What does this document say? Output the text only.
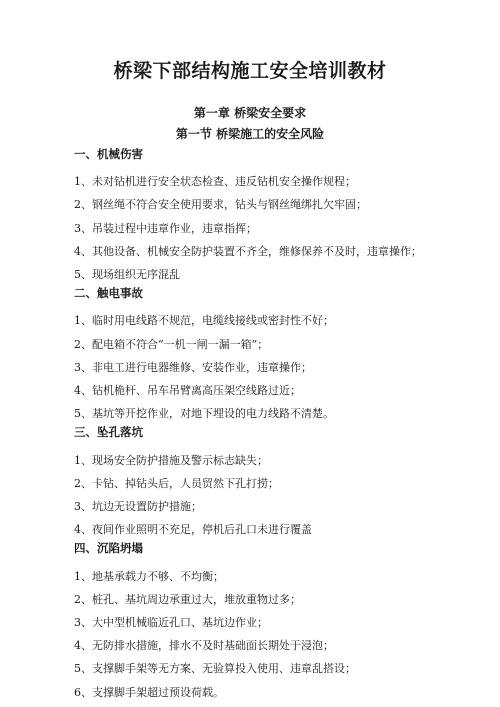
桥梁下部结构施工安全培训教材
第一章 桥梁安全要求
第一节 桥梁施工的安全风险

一、机械伤害

1、未对钻机进行安全状态检查、违反钻机安全操作规程；

2、钢丝绳不符合安全使用要求，钻头与钢丝绳绑扎欠牢固；

3、吊装过程中违章作业，违章指挥；

4、其他设备、机械安全防护装置不齐全，维修保养不及时，违章操作；

5、现场组织无序混乱

二、触电事故

1、临时用电线路不规范，电缆线接线或密封性不好；

2、配电箱不符合“一机一闸一漏一箱”；

3、非电工进行电器维修、安装作业，违章操作；

4、钻机桅杆、吊车吊臂离高压架空线路过近；

5、基坑等开挖作业，对地下埋设的电力线路不清楚。

三、坠孔落坑

1、现场安全防护措施及警示标志缺失；

2、卡钻、掉钻头后，人员贸然下孔打捞；

3、坑边无设置防护措施；

4、夜间作业照明不充足，停机后孔口未进行覆盖

四、沉陷坍塌

1、地基承载力不够、不均衡；

2、桩孔、基坑周边承重过大，堆放重物过多；

3、大中型机械临近孔口、基坑边作业；

4、无防排水措施，排水不及时基础面长期处于浸泡；

5、支撑脚手架等无方案、无验算投入使用、违章乱搭设；

6、支撑脚手架超过预设荷载。
